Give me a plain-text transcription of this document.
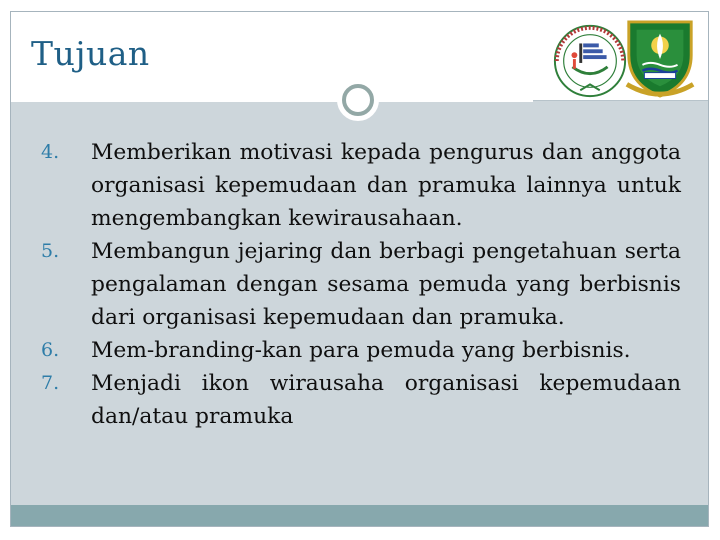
Tujuan
4.	Memberikan motivasi kepada pengurus dan anggota organisasi kepemudaan dan pramuka lainnya untuk mengembangkan kewirausahaan.
5.	Membangun jejaring dan berbagi pengetahuan serta pengalaman dengan sesama pemuda yang berbisnis dari organisasi kepemudaan dan pramuka.
6.	Mem-branding-kan para pemuda yang berbisnis.
7.	Menjadi ikon wirausaha organisasi kepemudaan dan/atau pramuka
